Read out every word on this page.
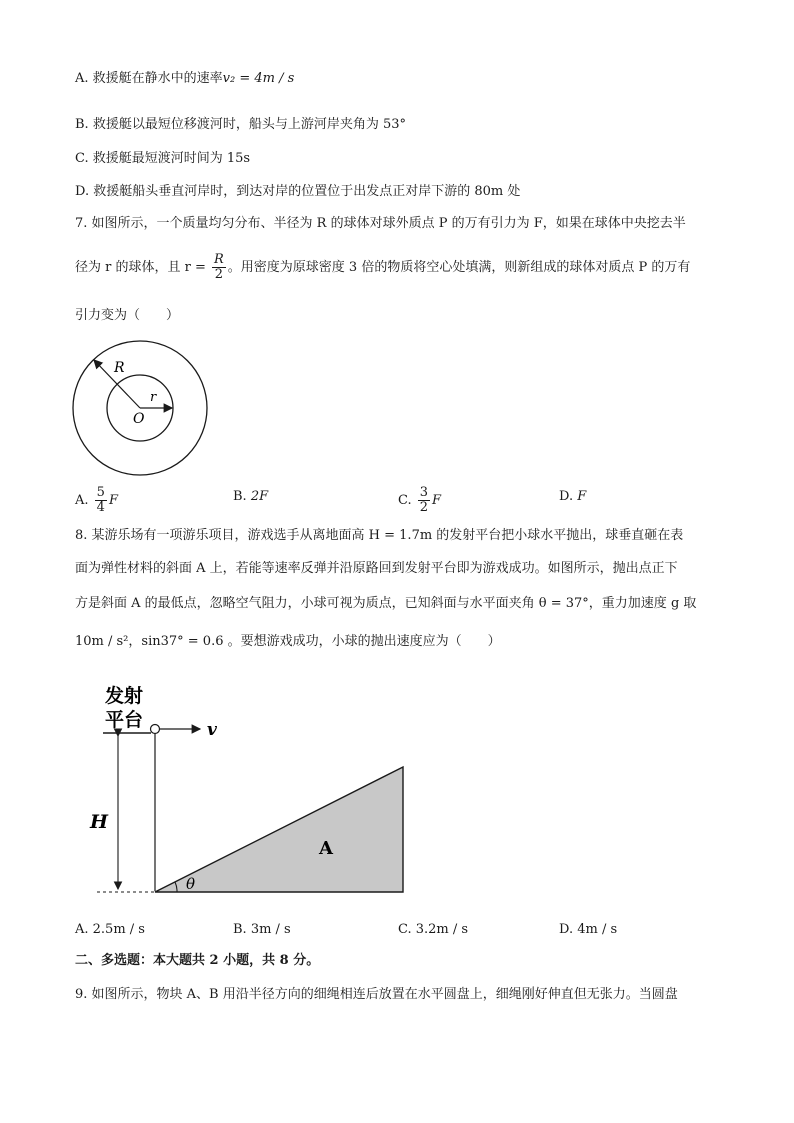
A. 救援艇在静水中的速率v₂ = 4m / s
B. 救援艇以最短位移渡河时，船头与上游河岸夹角为 53°
C. 救援艇最短渡河时间为 15s
D. 救援艇船头垂直河岸时，到达对岸的位置位于出发点正对岸下游的 80m 处
7. 如图所示，一个质量均匀分布、半径为 R 的球体对球外质点 P 的万有引力为 F，如果在球体中央挖去半
径为 r 的球体，且 $r = \frac{R}{2}$ 。用密度为原球密度 3 倍的物质将空心处填满，则新组成的球体对质点 P 的万有
引力变为（　　）
R
r
O
A. $\frac{5}{4}$ F	B. 2F	C. $\frac{3}{2}$ F	D. F
8. 某游乐场有一项游乐项目，游戏选手从离地面高 H = 1.7m 的发射平台把小球水平抛出，球垂直砸在表
面为弹性材料的斜面 A 上，若能等速率反弹并沿原路回到发射平台即为游戏成功。如图所示，抛出点正下
方是斜面 A 的最低点，忽略空气阻力，小球可视为质点，已知斜面与水平面夹角 θ = 37°，重力加速度 g 取
10m / s²，sin37° = 0.6 。要想游戏成功，小球的抛出速度应为（　　）
发射
平台	v
H
A
θ
A. 2.5m / s	B. 3m / s	C. 3.2m / s	D. 4m / s
二、多选题：本大题共 2 小题，共 8 分。
9. 如图所示，物块 A、B 用沿半径方向的细绳相连后放置在水平圆盘上，细绳刚好伸直但无张力。当圆盘
